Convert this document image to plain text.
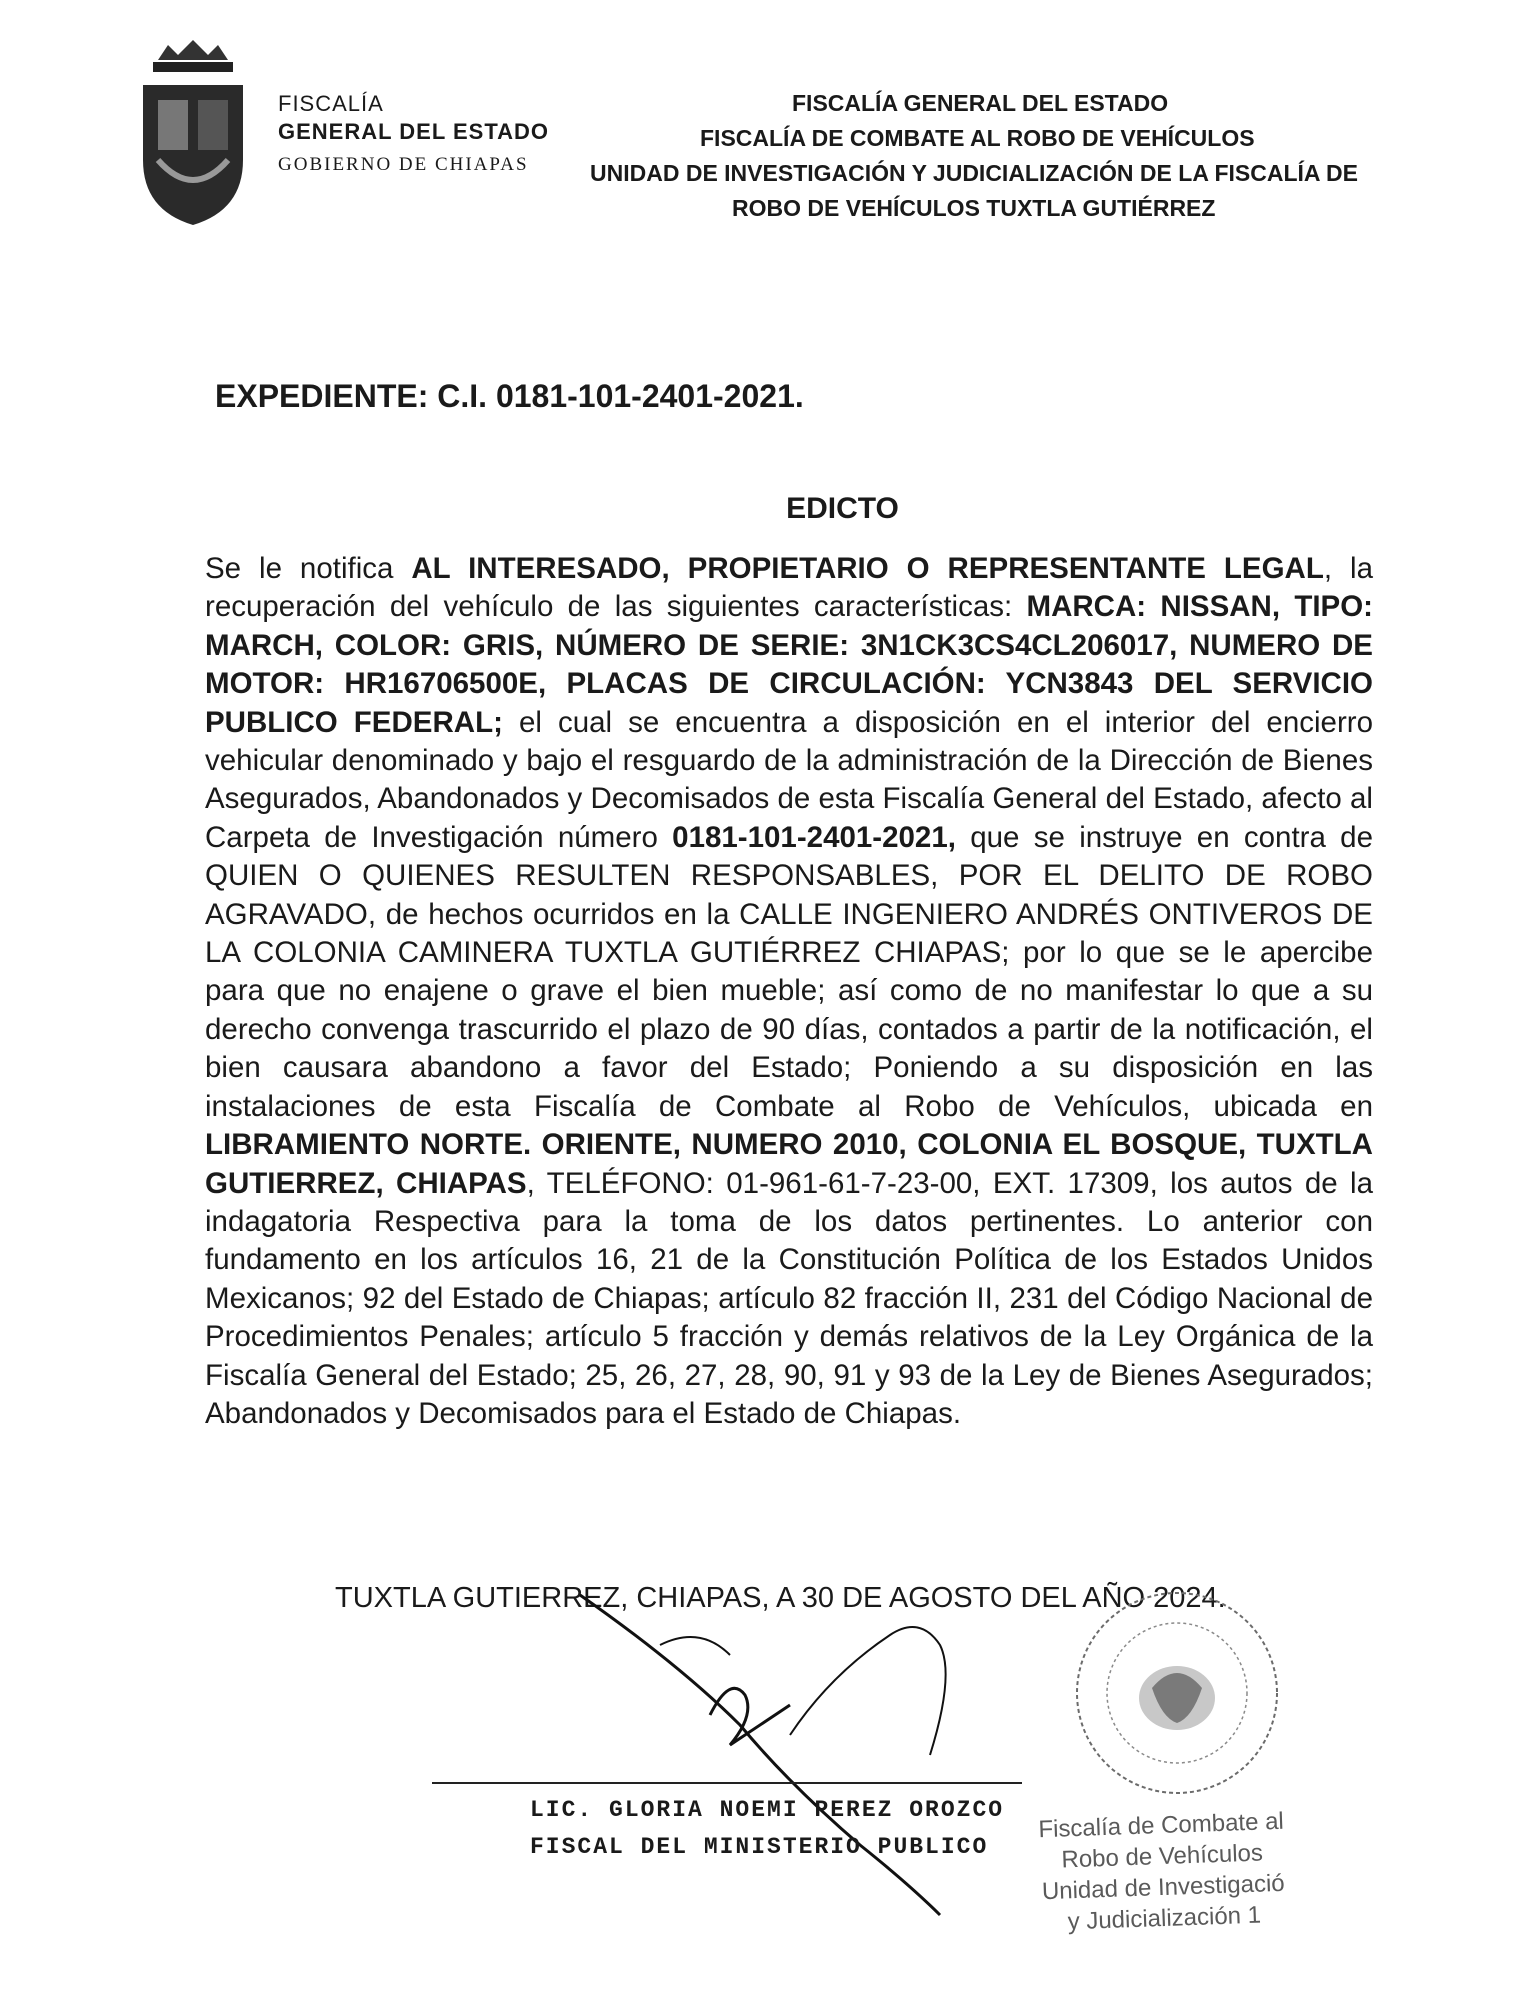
FISCALÍA
GENERAL DEL ESTADO
GOBIERNO DE CHIAPAS
FISCALÍA GENERAL DEL ESTADO
FISCALÍA DE COMBATE AL ROBO DE VEHÍCULOS
UNIDAD DE INVESTIGACIÓN Y JUDICIALIZACIÓN DE LA FISCALÍA DE
ROBO DE VEHÍCULOS TUXTLA GUTIÉRREZ
EXPEDIENTE: C.I. 0181-101-2401-2021.
EDICTO
Se le notifica AL INTERESADO, PROPIETARIO O REPRESENTANTE LEGAL, la recuperación del vehículo de las siguientes características: MARCA: NISSAN, TIPO: MARCH, COLOR: GRIS, NÚMERO DE SERIE: 3N1CK3CS4CL206017, NUMERO DE MOTOR: HR16706500E, PLACAS DE CIRCULACIÓN: YCN3843 DEL SERVICIO PUBLICO FEDERAL; el cual se encuentra a disposición en el interior del encierro vehicular denominado y bajo el resguardo de la administración de la Dirección de Bienes Asegurados, Abandonados y Decomisados de esta Fiscalía General del Estado, afecto al Carpeta de Investigación número 0181-101-2401-2021, que se instruye en contra de QUIEN O QUIENES RESULTEN RESPONSABLES, POR EL DELITO DE ROBO AGRAVADO, de hechos ocurridos en la CALLE INGENIERO ANDRÉS ONTIVEROS DE LA COLONIA CAMINERA TUXTLA GUTIÉRREZ CHIAPAS; por lo que se le apercibe para que no enajene o grave el bien mueble; así como de no manifestar lo que a su derecho convenga trascurrido el plazo de 90 días, contados a partir de la notificación, el bien causara abandono a favor del Estado; Poniendo a su disposición en las instalaciones de esta Fiscalía de Combate al Robo de Vehículos, ubicada en LIBRAMIENTO NORTE. ORIENTE, NUMERO 2010, COLONIA EL BOSQUE, TUXTLA GUTIERREZ, CHIAPAS, TELÉFONO: 01-961-61-7-23-00, EXT. 17309, los autos de la indagatoria Respectiva para la toma de los datos pertinentes. Lo anterior con fundamento en los artículos 16, 21 de la Constitución Política de los Estados Unidos Mexicanos; 92 del Estado de Chiapas; artículo 82 fracción II, 231 del Código Nacional de Procedimientos Penales; artículo 5 fracción y demás relativos de la Ley Orgánica de la Fiscalía General del Estado; 25, 26, 27, 28, 90, 91 y 93 de la Ley de Bienes Asegurados; Abandonados y Decomisados para el Estado de Chiapas.
TUXTLA GUTIERREZ, CHIAPAS, A 30 DE AGOSTO DEL AÑO 2024.
LIC. GLORIA NOEMI PEREZ OROZCO
FISCAL DEL MINISTERIO PUBLICO
Fiscalía de Combate al
Robo de Vehículos
Unidad de Investigació
y Judicialización 1
